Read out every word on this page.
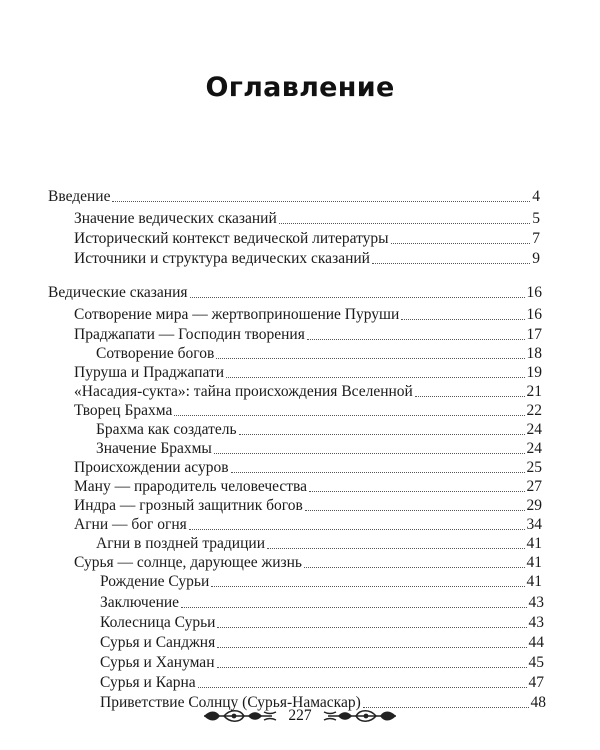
Оглавление
Введение	4
Значение ведических сказаний	5
Исторический контекст ведической литературы	7
Источники и структура ведических сказаний	9
Ведические сказания	16
Сотворение мира — жертвоприношение Пуруши	16
Праджапати — Господин творения	17
Сотворение богов	18
Пуруша и Праджапати	19
«Насадия-сукта»: тайна происхождения Вселенной	21
Творец Брахма	22
Брахма как создатель	24
Значение Брахмы	24
Происхождении асуров	25
Ману — прародитель человечества	27
Индра — грозный защитник богов	29
Агни — бог огня	34
Агни в поздней традиции	41
Сурья — солнце, дарующее жизнь	41
Рождение Сурьи	41
Заключение	43
Колесница Сурьи	43
Сурья и Санджня	44
Сурья и Хануман	45
Сурья и Карна	47
Приветствие Солнцу (Сурья-Намаскар)	48
227
